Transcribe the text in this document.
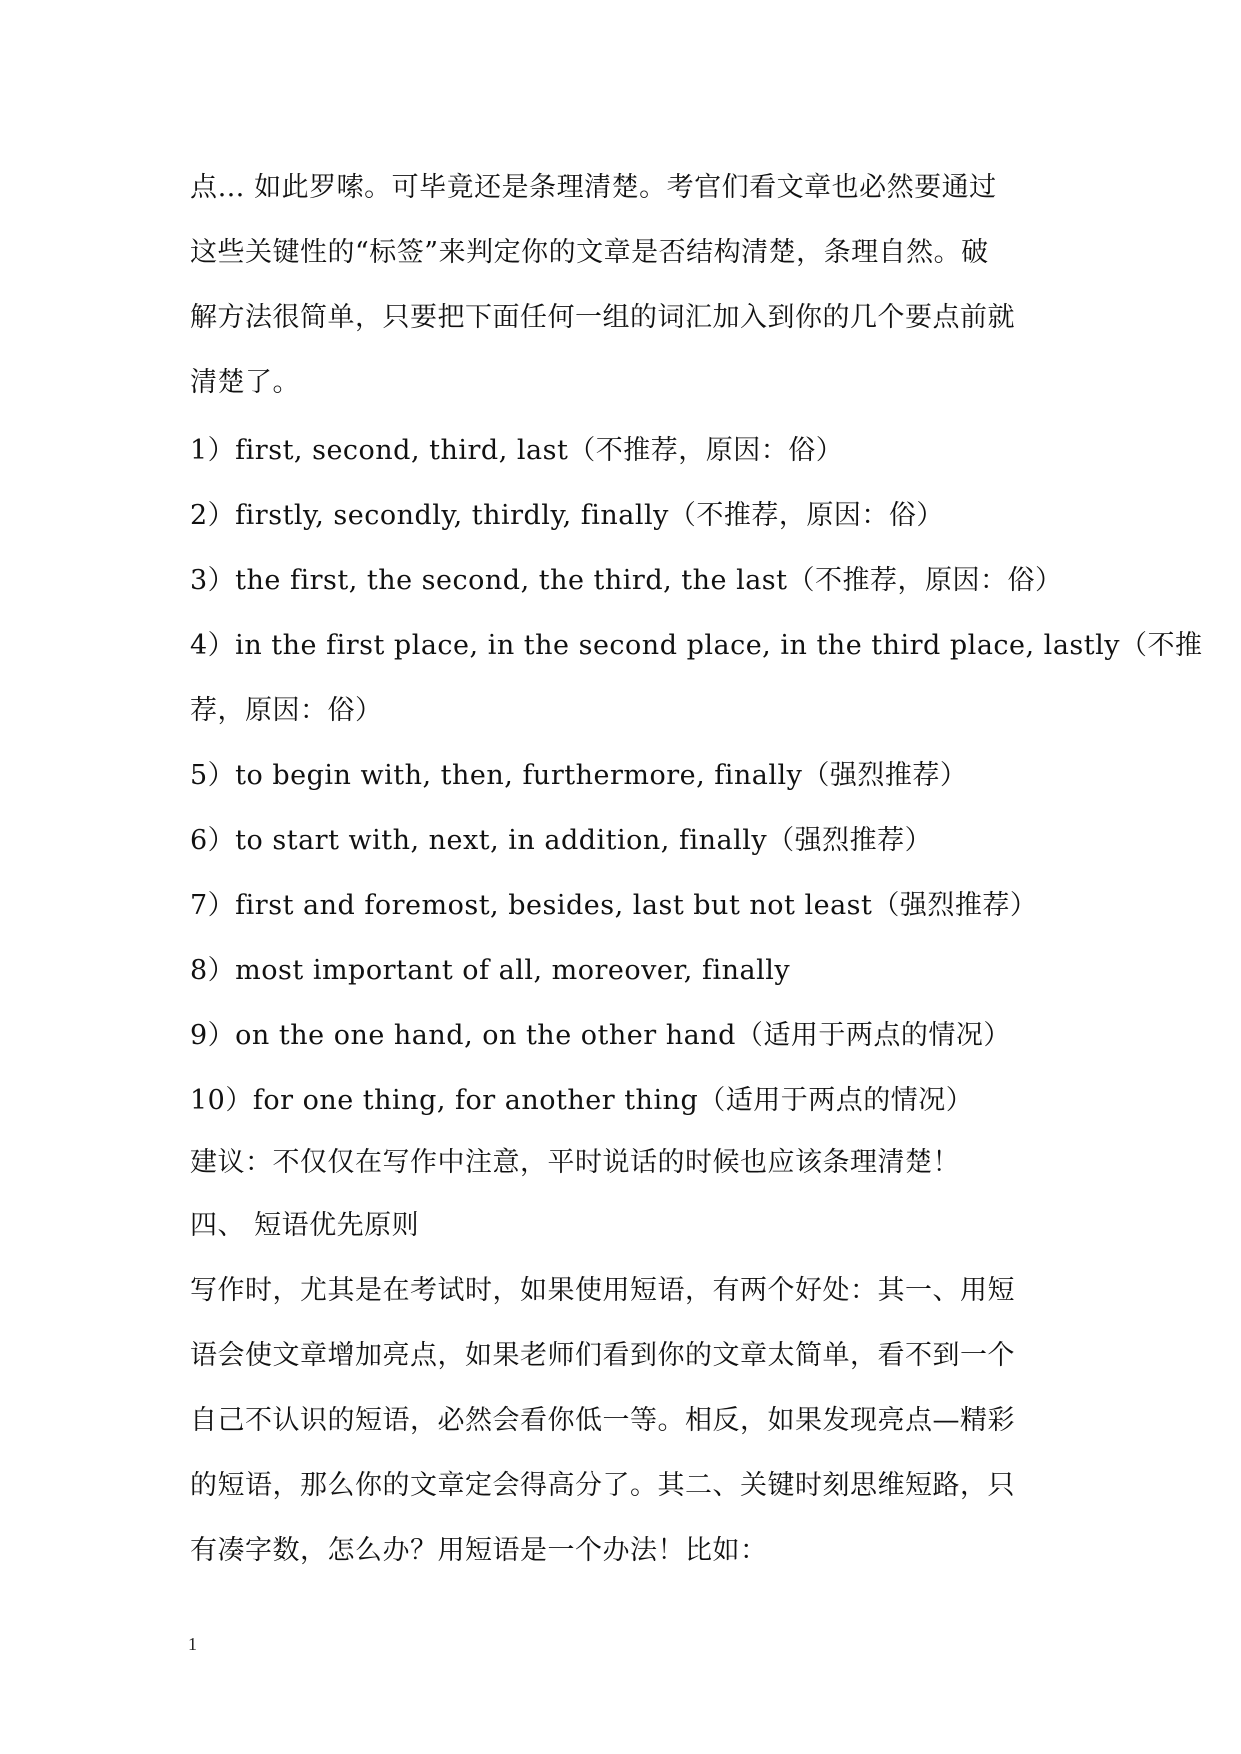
点… 如此罗嗦。可毕竟还是条理清楚。考官们看文章也必然要通过
这些关键性的“标签”来判定你的文章是否结构清楚，条理自然。破
解方法很简单，只要把下面任何一组的词汇加入到你的几个要点前就
清楚了。
1）first, second, third, last（不推荐，原因：俗）
2）firstly, secondly, thirdly, finally（不推荐，原因：俗）
3）the first, the second, the third, the last（不推荐，原因：俗）
4）in the first place, in the second place, in the third place, lastly（不推
荐，原因：俗）
5）to begin with, then, furthermore, finally（强烈推荐）
6）to start with, next, in addition, finally（强烈推荐）
7）first and foremost, besides, last but not least（强烈推荐）
8）most important of all, moreover, finally
9）on the one hand, on the other hand（适用于两点的情况）
10）for one thing, for another thing（适用于两点的情况）
建议：不仅仅在写作中注意，平时说话的时候也应该条理清楚！
四、 短语优先原则
写作时，尤其是在考试时，如果使用短语，有两个好处：其一、用短
语会使文章增加亮点，如果老师们看到你的文章太简单，看不到一个
自己不认识的短语，必然会看你低一等。相反，如果发现亮点—精彩
的短语，那么你的文章定会得高分了。其二、关键时刻思维短路，只
有凑字数，怎么办？用短语是一个办法！比如：
1
